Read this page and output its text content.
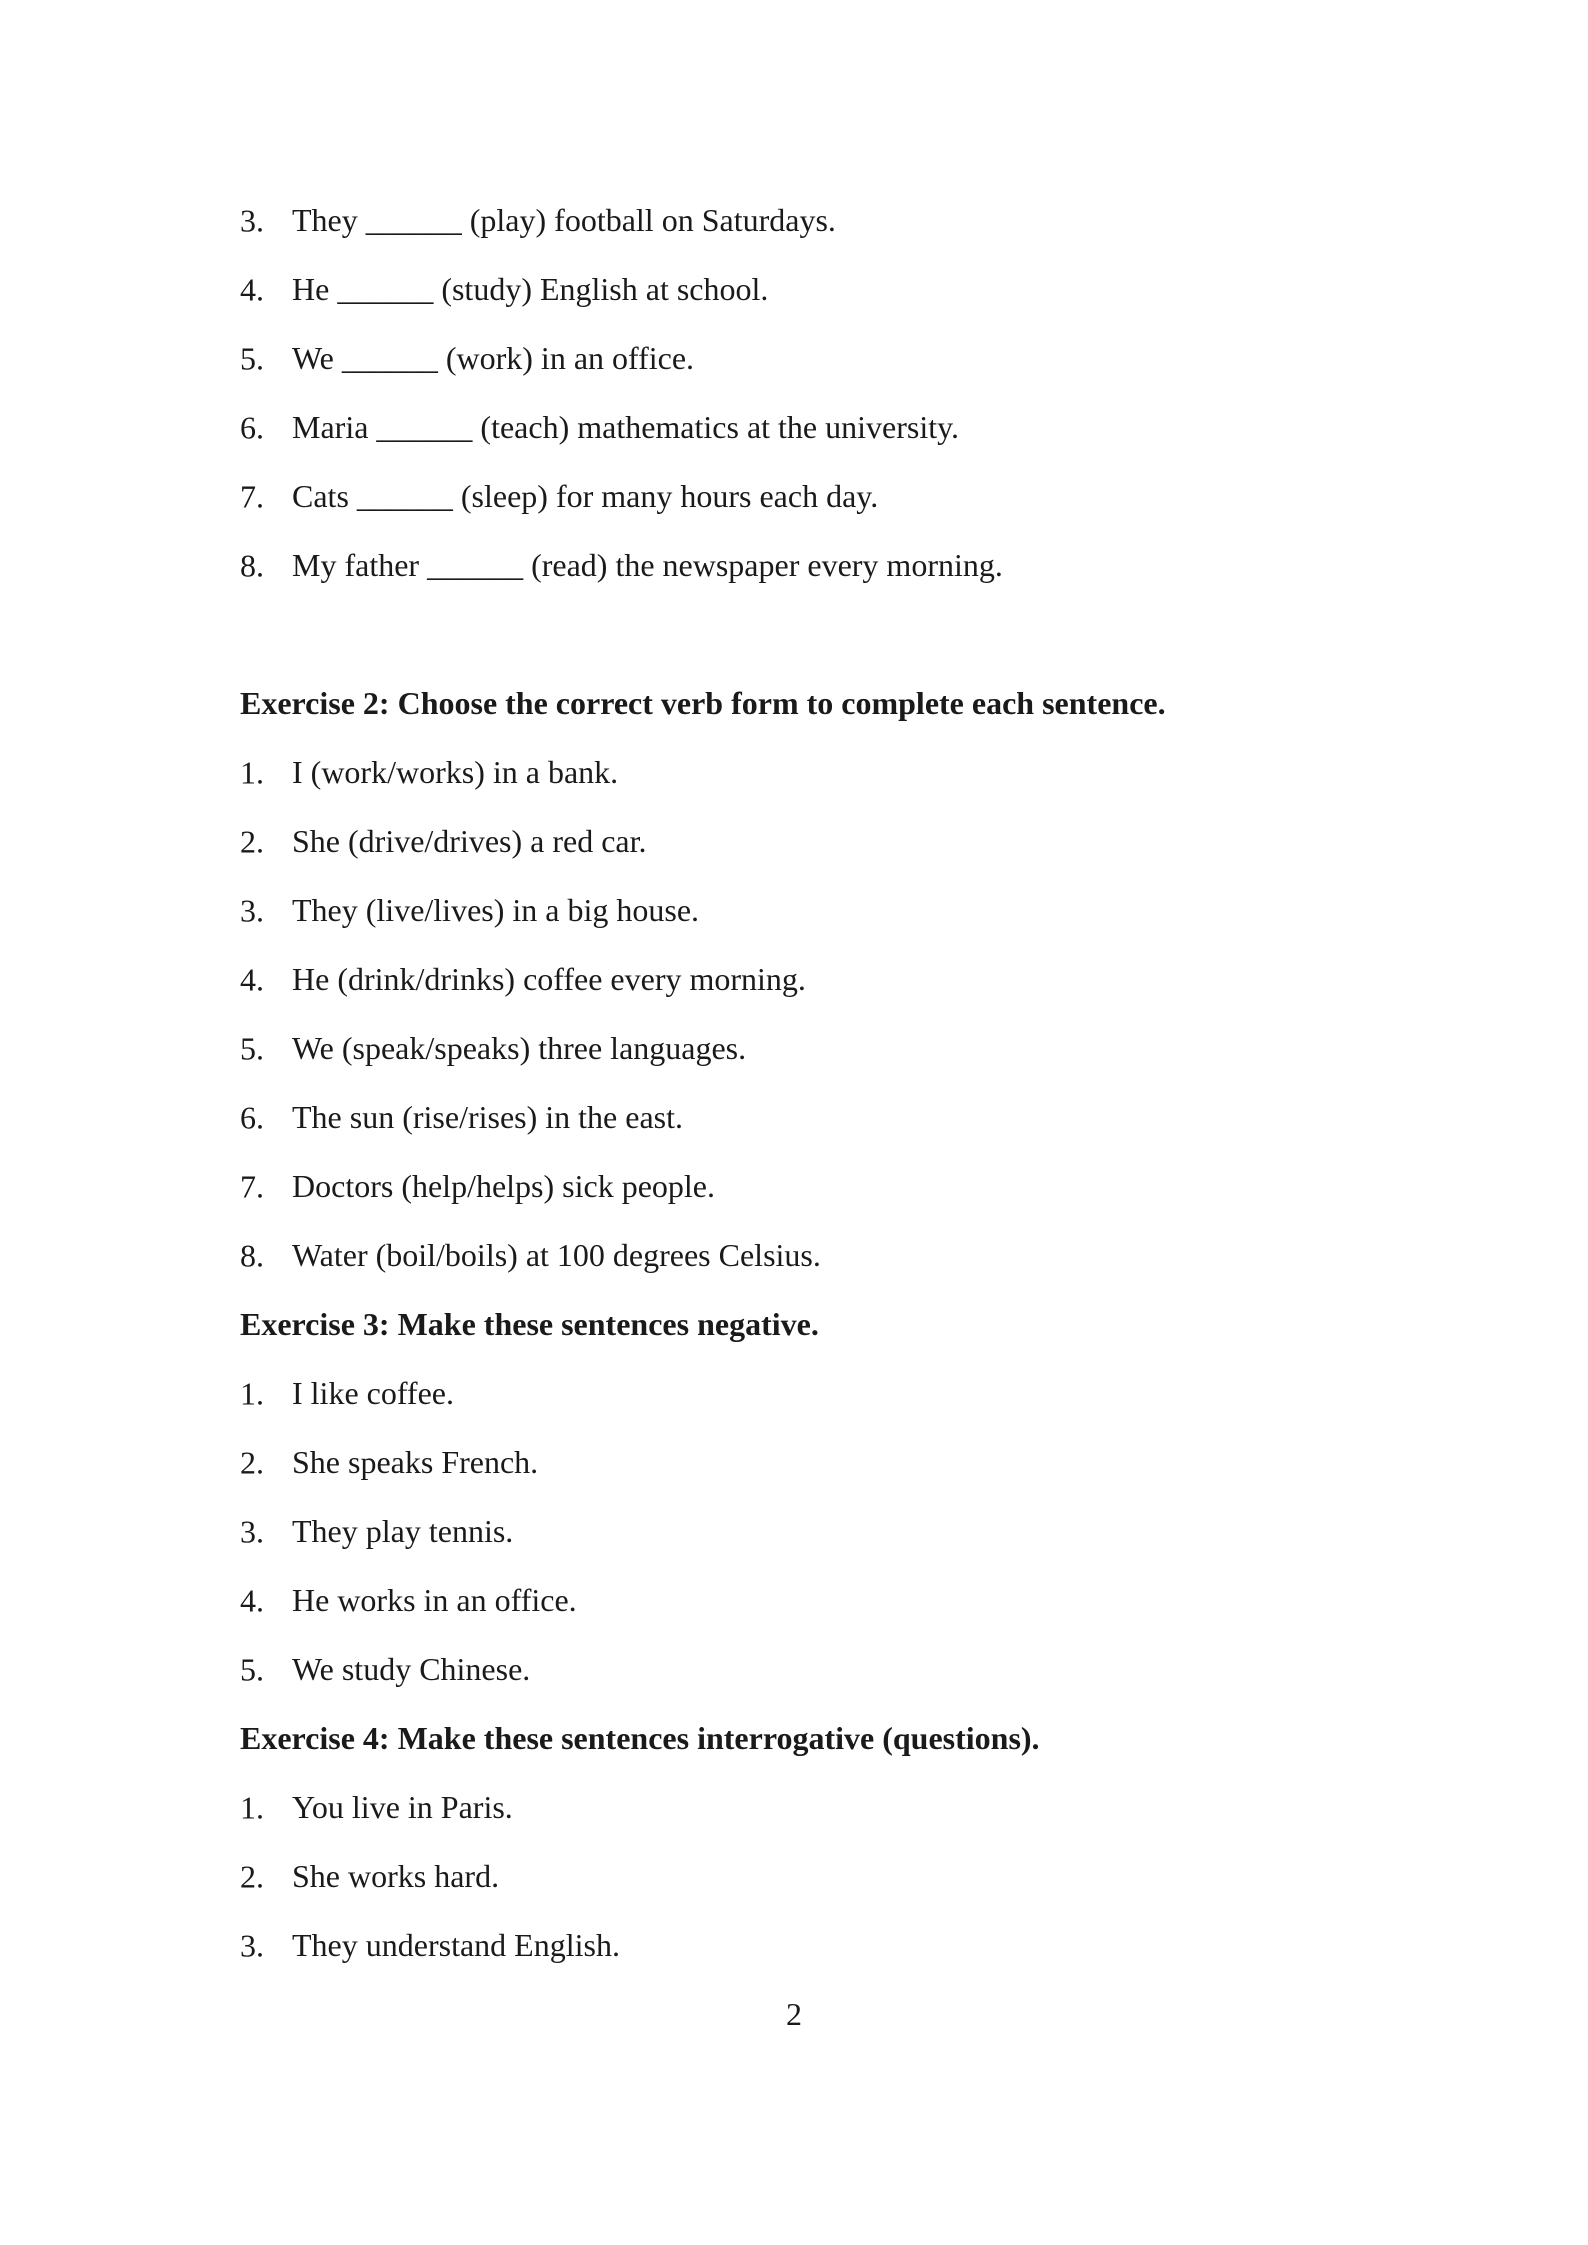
3. They ______ (play) football on Saturdays.
4. He ______ (study) English at school.
5. We ______ (work) in an office.
6. Maria ______ (teach) mathematics at the university.
7. Cats ______ (sleep) for many hours each day.
8. My father ______ (read) the newspaper every morning.
Exercise 2: Choose the correct verb form to complete each sentence.
1. I (work/works) in a bank.
2. She (drive/drives) a red car.
3. They (live/lives) in a big house.
4. He (drink/drinks) coffee every morning.
5. We (speak/speaks) three languages.
6. The sun (rise/rises) in the east.
7. Doctors (help/helps) sick people.
8. Water (boil/boils) at 100 degrees Celsius.
Exercise 3: Make these sentences negative.
1. I like coffee.
2. She speaks French.
3. They play tennis.
4. He works in an office.
5. We study Chinese.
Exercise 4: Make these sentences interrogative (questions).
1. You live in Paris.
2. She works hard.
3. They understand English.
2
